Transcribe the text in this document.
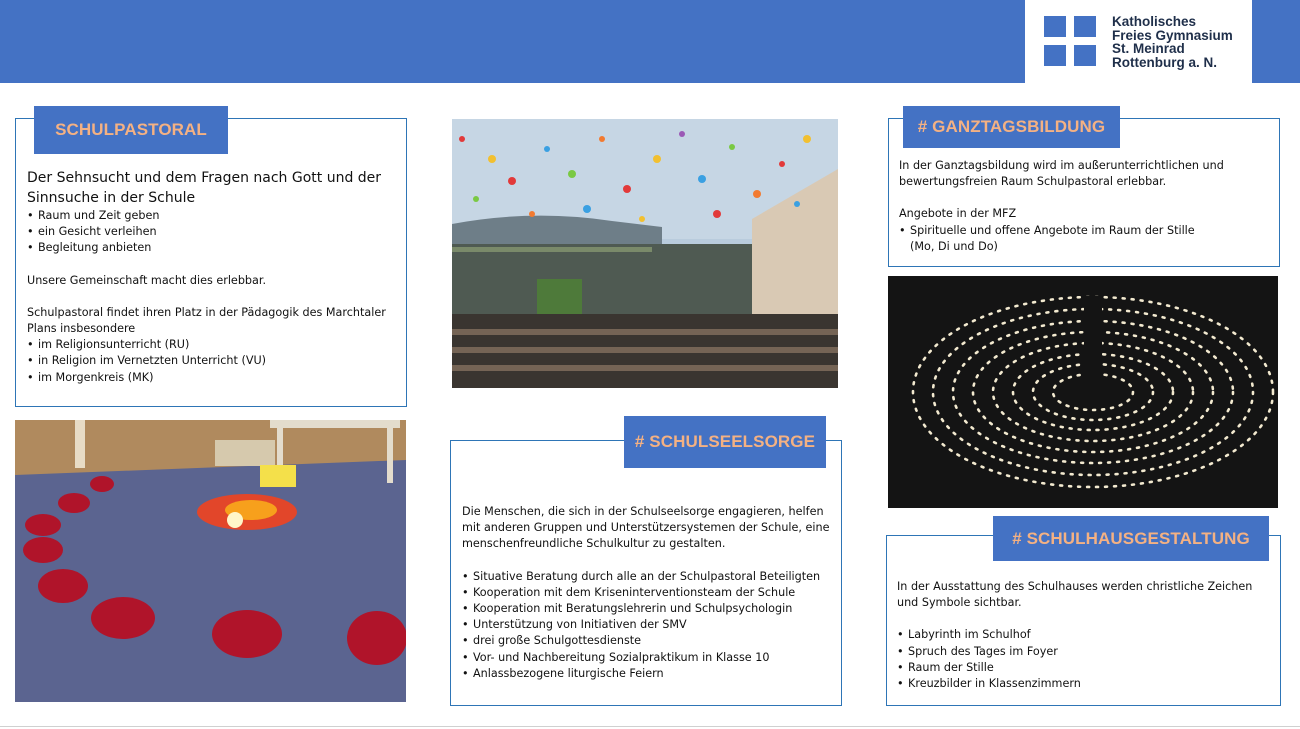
Katholisches
Freies Gymnasium
St. Meinrad
Rottenburg a. N.
SCHULPASTORAL

Der Sehnsucht und dem Fragen nach Gott und der Sinnsuche in der Schule

• Raum und Zeit geben
• ein Gesicht verleihen
• Begleitung anbieten

Unsere Gemeinschaft macht dies erlebbar.

Schulpastoral findet ihren Platz in der Pädagogik des Marchtaler Plans insbesondere

• im Religionsunterricht (RU)
• in Religion im Vernetzten Unterricht (VU)
• im Morgenkreis (MK)
# SCHULSEELSORGE

Die Menschen, die sich in der Schulseelsorge engagieren, helfen mit anderen Gruppen und Unterstützersystemen der Schule, eine menschenfreundliche Schulkultur zu gestalten.

• Situative Beratung durch alle an der Schulpastoral Beteiligten
• Kooperation mit dem Kriseninterventionsteam der Schule
• Kooperation mit Beratungslehrerin und Schulpsychologin
• Unterstützung von Initiativen der SMV
• drei große Schulgottesdienste
• Vor- und Nachbereitung Sozialpraktikum in Klasse 10
• Anlassbezogene liturgische Feiern
# GANZTAGSBILDUNG

In der Ganztagsbildung wird im außerunterrichtlichen und bewertungsfreien Raum Schulpastoral erlebbar.

Angebote in der MFZ

• Spirituelle und offene Angebote im Raum der Stille (Mo, Di und Do)
# SCHULHAUSGESTALTUNG

In der Ausstattung des Schulhauses werden christliche Zeichen und Symbole sichtbar.

• Labyrinth im Schulhof
• Spruch des Tages im Foyer
• Raum der Stille
• Kreuzbilder in Klassenzimmern
